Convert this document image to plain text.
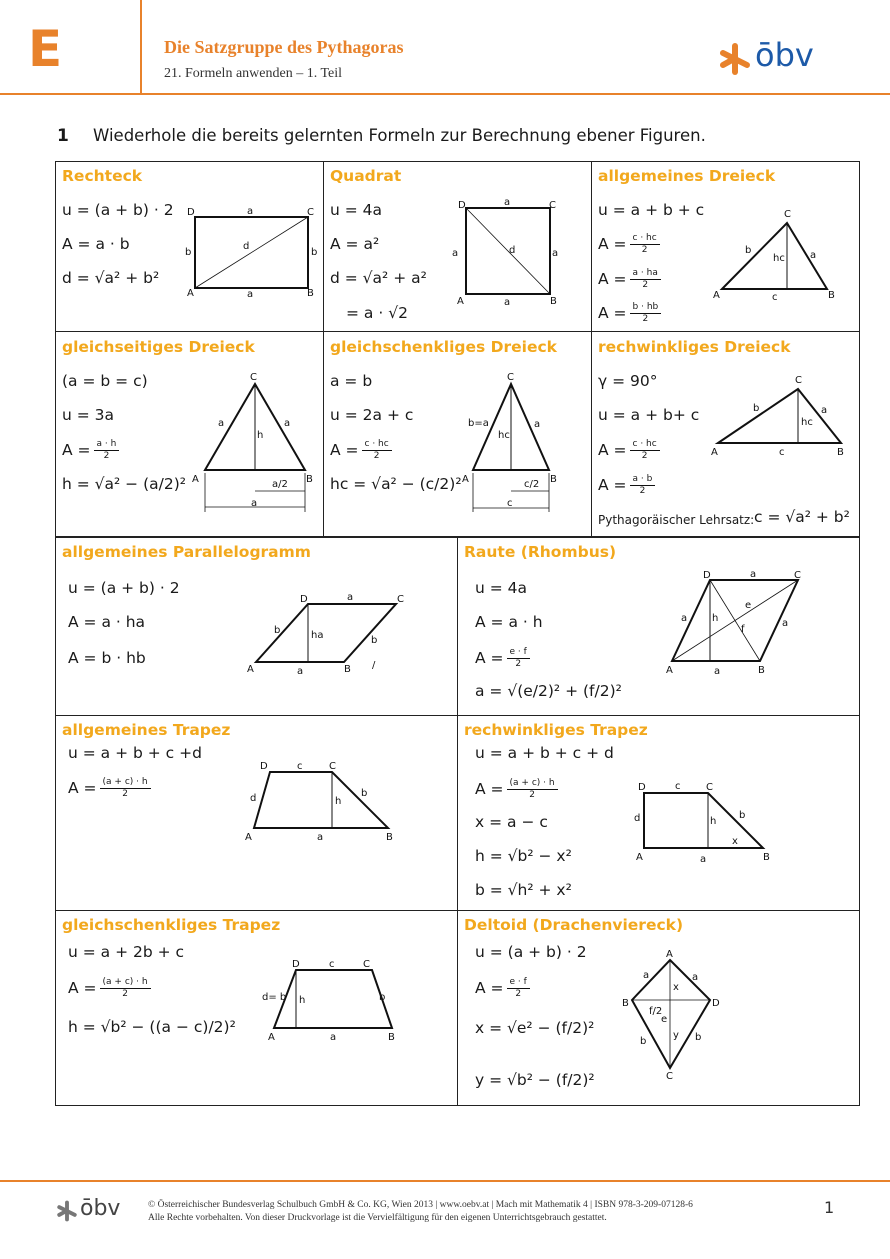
E	Die Satzgruppe des Pythagoras
21. Formeln anwenden – 1. Teil	ōbv
1 Wiederhole die bereits gelernten Formeln zur Berechnung ebener Figuren.
Rechteck
u = (a + b) · 2
A = a · b
d = √a² + b²
D	C
A	B
a
a
b	b
d
Quadrat
u = 4a
A = a²
d = √a² + a²
= a · √2
D	C
A	B
a
a
a	a
d
allgemeines Dreieck
u = a + b + c
$A = \frac{c \cdot hc}{2}$
$A = \frac{a \cdot ha}{2}$
$A = \frac{b \cdot hb}{2}$
C
A	B
b	a
c
hc
gleichseitiges Dreieck
(a = b = c)
u = 3a
$A = \frac{a \cdot h}{2}$
h = √a² − (a/2)²
C
A	B
a	a
h
a/2
a
gleichschenkliges Dreieck
a = b
u = 2a + c
$A = \frac{c \cdot hc}{2}$
hc = √a² − (c/2)²
C
A	B
b=a	a
hc
c/2
c
rechwinkliges Dreieck
γ = 90°
u = a + b+ c
$A = \frac{c \cdot hc}{2}$
$A = \frac{a \cdot b}{2}$
Pythagoräischer Lehrsatz: c = √a² + b²
C
A	B
b	a
c
hc
allgemeines Parallelogramm
u = (a + b) · 2
A = a · ha
A = b · hb
D	C
A	B
a
a
b
b
ha
/
Raute (Rhombus)
u = 4a
A = a · h
$A = \frac{e \cdot f}{2}$
a = √(e/2)² + (f/2)²
D	C
A	B
a
a
a	a
h
e
f
allgemeines Trapez
u = a + b + c +d
$A = \frac{(a + c) \cdot h}{2}$
D	C
A	B
c
a
d	b
h
rechwinkliges Trapez
u = a + b + c + d
$A = \frac{(a + c) \cdot h}{2}$
x = a − c
h = √b² − x²
b = √h² + x²
D	C
A	B
c
a
d	b
h
x
gleichschenkliges Trapez
u = a + 2b + c
$A = \frac{(a + c) \cdot h}{2}$
h = √b² − ((a − c)/2)²
D	C
A	B
c
a
d= b	b
h
Deltoid (Drachenviereck)
u = (a + b) · 2
$A = \frac{e \cdot f}{2}$
x = √e² − (f/2)²
y = √b² − (f/2)²
A
B	D
C
a	a
b	b
e
x
y
f/2
ōbv	© Österreichischer Bundesverlag Schulbuch GmbH & Co. KG, Wien 2013 | www.oebv.at | Mach mit Mathematik 4 | ISBN 978-3-209-07128-6
Alle Rechte vorbehalten. Von dieser Druckvorlage ist die Vervielfältigung für den eigenen Unterrichtsgebrauch gestattet.
1
